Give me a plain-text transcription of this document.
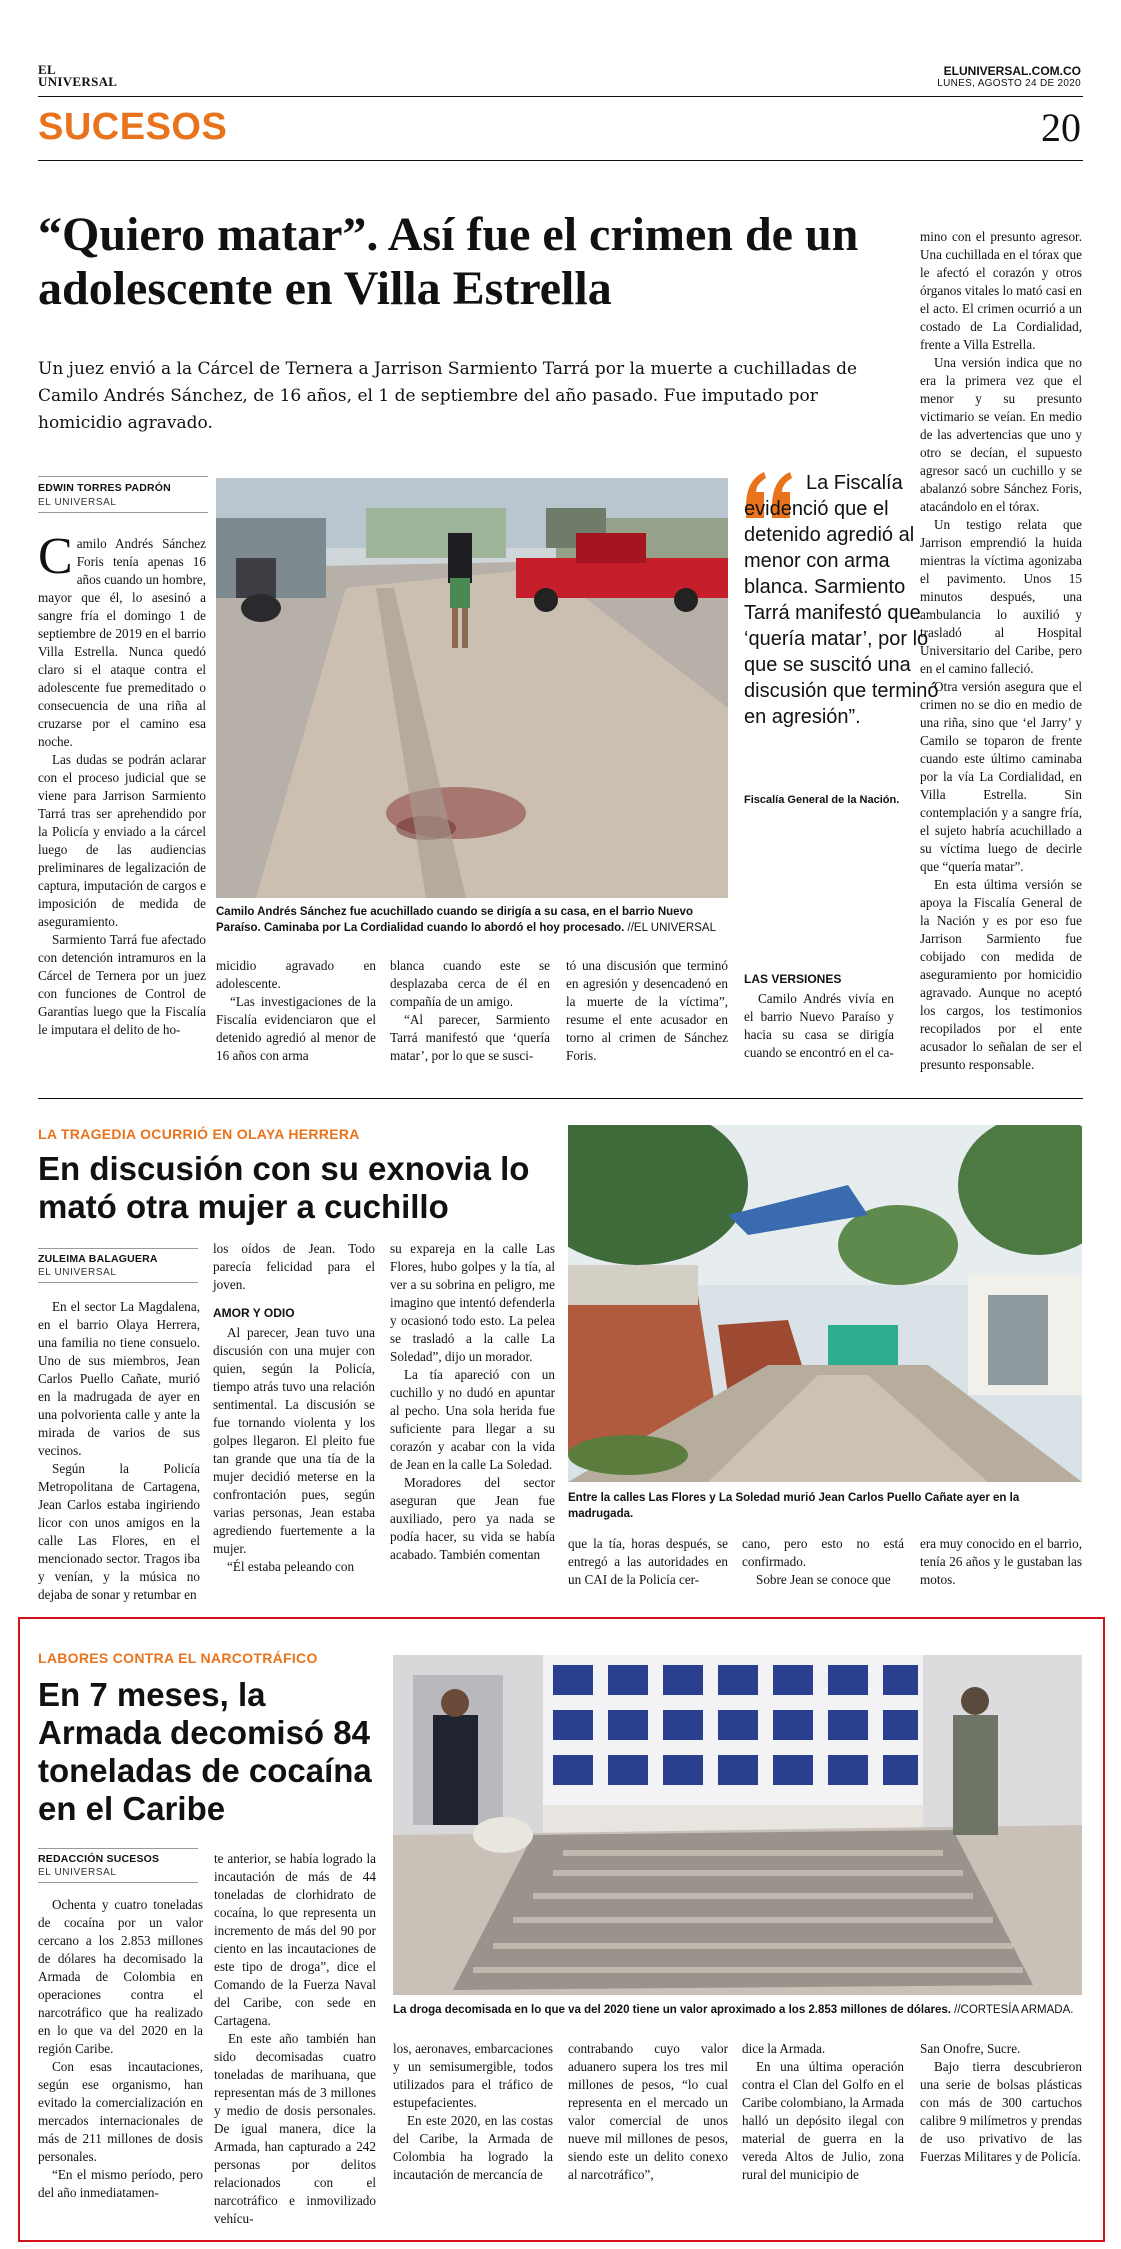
EL
UNIVERSAL
ELUNIVERSAL.COM.CO
LUNES, AGOSTO 24 DE 2020
SUCESOS	20
“Quiero matar”. Así fue el crimen de un adolescente en Villa Estrella
Un juez envió a la Cárcel de Ternera a Jarrison Sarmiento Tarrá por la muerte a cuchilladas de Camilo Andrés Sánchez, de 16 años, el 1 de septiembre del año pasado. Fue imputado por homicidio agravado.
EDWIN TORRES PADRÓN
EL UNIVERSAL
Camilo Andrés Sánchez fue acuchillado cuando se dirigía a su casa, en el barrio Nuevo Paraíso. Caminaba por La Cordialidad cuando lo abordó el hoy procesado. //EL UNIVERSAL

Camilo Andrés Sánchez Foris tenía apenas 16 años cuando un hombre, mayor que él, lo asesinó a sangre fría el domingo 1 de septiembre de 2019 en el barrio Villa Estrella. Nunca quedó claro si el ataque contra el adolescente fue premeditado o consecuencia de una riña al cruzarse por el camino esa noche.

Las dudas se podrán aclarar con el proceso judicial que se viene para Jarrison Sarmiento Tarrá tras ser aprehendido por la Policía y enviado a la cárcel luego de las audiencias preliminares de legalización de captura, imputación de cargos e imposición de medida de aseguramiento.

Sarmiento Tarrá fue afectado con detención intramuros en la Cárcel de Ternera por un juez con funciones de Control de Garantías luego que la Fiscalía le imputara el delito de ho-

micidio agravado en adolescente.

“Las investigaciones de la Fiscalía evidenciaron que el detenido agredió al menor de 16 años con arma

blanca cuando este se desplazaba cerca de él en compañía de un amigo.

“Al parecer, Sarmiento Tarrá manifestó que ‘quería matar’, por lo que se susci-

tó una discusión que terminó en agresión y desencadenó en la muerte de la víctima”, resume el ente acusador en torno al crimen de Sánchez Foris.

La Fiscalía evidenció que el detenido agredió al menor con arma blanca. Sarmiento Tarrá manifestó que ‘quería matar’, por lo que se suscitó una discusión que terminó en agresión”.
Fiscalía General de la Nación.
LAS VERSIONES

Camilo Andrés vivía en el barrio Nuevo Paraíso y hacia su casa se dirigía cuando se encontró en el ca-

mino con el presunto agresor. Una cuchillada en el tórax que le afectó el corazón y otros órganos vitales lo mató casi en el acto. El crimen ocurrió a un costado de La Cordialidad, frente a Villa Estrella.

Una versión indica que no era la primera vez que el menor y su presunto victimario se veían. En medio de las advertencias que uno y otro se decían, el supuesto agresor sacó un cuchillo y se abalanzó sobre Sánchez Foris, atacándolo en el tórax.

Un testigo relata que Jarrison emprendió la huida mientras la víctima agonizaba el pavimento. Unos 15 minutos después, una ambulancia lo auxilió y trasladó al Hospital Universitario del Caribe, pero en el camino falleció.

Otra versión asegura que el crimen no se dio en medio de una riña, sino que ‘el Jarry’ y Camilo se toparon de frente cuando este último caminaba por la vía La Cordialidad, en Villa Estrella. Sin contemplación y a sangre fría, el sujeto habría acuchillado a su víctima luego de decirle que “quería matar”.

En esta última versión se apoya la Fiscalía General de la Nación y es por eso fue Jarrison Sarmiento fue cobijado con medida de aseguramiento por homicidio agravado. Aunque no aceptó los cargos, los testimonios recopilados por el ente acusador lo señalan de ser el presunto responsable.

LA TRAGEDIA OCURRIÓ EN OLAYA HERRERA
En discusión con su exnovia lo mató otra mujer a cuchillo
ZULEIMA BALAGUERA
EL UNIVERSAL

En el sector La Magdalena, en el barrio Olaya Herrera, una familia no tiene consuelo. Uno de sus miembros, Jean Carlos Puello Cañate, murió en la madrugada de ayer en una polvorienta calle y ante la mirada de varios de sus vecinos.

Según la Policía Metropolitana de Cartagena, Jean Carlos estaba ingiriendo licor con unos amigos en la calle Las Flores, en el mencionado sector. Tragos iba y venían, y la música no dejaba de sonar y retumbar en

los oídos de Jean. Todo parecía felicidad para el joven.

AMOR Y ODIO

Al parecer, Jean tuvo una discusión con una mujer con quien, según la Policía, tiempo atrás tuvo una relación sentimental. La discusión se fue tornando violenta y los golpes llegaron. El pleito fue tan grande que una tía de la mujer decidió meterse en la confrontación pues, según varias personas, Jean estaba agrediendo fuertemente a la mujer.

“Él estaba peleando con

su expareja en la calle Las Flores, hubo golpes y la tía, al ver a su sobrina en peligro, me imagino que intentó defenderla y ocasionó todo esto. La pelea se trasladó a la calle La Soledad”, dijo un morador.

La tía apareció con un cuchillo y no dudó en apuntar al pecho. Una sola herida fue suficiente para llegar a su corazón y acabar con la vida de Jean en la calle La Soledad.

Moradores del sector aseguran que Jean fue auxiliado, pero ya nada se podía hacer, su vida se había acabado. También comentan

Entre la calles Las Flores y La Soledad murió Jean Carlos Puello Cañate ayer en la madrugada.

que la tía, horas después, se entregó a las autoridades en un CAI de la Policía cer-

cano, pero esto no está confirmado.

Sobre Jean se conoce que

era muy conocido en el barrio, tenía 26 años y le gustaban las motos.

LABORES CONTRA EL NARCOTRÁFICO
En 7 meses, la Armada decomisó 84 toneladas de cocaína en el Caribe
REDACCIÓN SUCESOS
EL UNIVERSAL

Ochenta y cuatro toneladas de cocaína por un valor cercano a los 2.853 millones de dólares ha decomisado la Armada de Colombia en operaciones contra el narcotráfico que ha realizado en lo que va del 2020 en la región Caribe.

Con esas incautaciones, según ese organismo, han evitado la comercialización en mercados internacionales de más de 211 millones de dosis personales.

“En el mismo período, pero del año inmediatamen-

te anterior, se había logrado la incautación de más de 44 toneladas de clorhidrato de cocaína, lo que representa un incremento de más del 90 por ciento en las incautaciones de este tipo de droga”, dice el Comando de la Fuerza Naval del Caribe, con sede en Cartagena.

En este año también han sido decomisadas cuatro toneladas de marihuana, que representan más de 3 millones y medio de dosis personales. De igual manera, dice la Armada, han capturado a 242 personas por delitos relacionados con el narcotráfico e inmovilizado vehícu-

La droga decomisada en lo que va del 2020 tiene un valor aproximado a los 2.853 millones de dólares. //CORTESÍA ARMADA.

los, aeronaves, embarcaciones y un semisumergible, todos utilizados para el tráfico de estupefacientes.

En este 2020, en las costas del Caribe, la Armada de Colombia ha logrado la incautación de mercancía de

contrabando cuyo valor aduanero supera los tres mil millones de pesos, “lo cual representa en el mercado un valor comercial de unos nueve mil millones de pesos, siendo este un delito conexo al narcotráfico”,

dice la Armada.

En una última operación contra el Clan del Golfo en el Caribe colombiano, la Armada halló un depósito ilegal con material de guerra en la vereda Altos de Julio, zona rural del municipio de

San Onofre, Sucre.

Bajo tierra descubrieron una serie de bolsas plásticas con más de 300 cartuchos calibre 9 milímetros y prendas de uso privativo de las Fuerzas Militares y de Policía.
